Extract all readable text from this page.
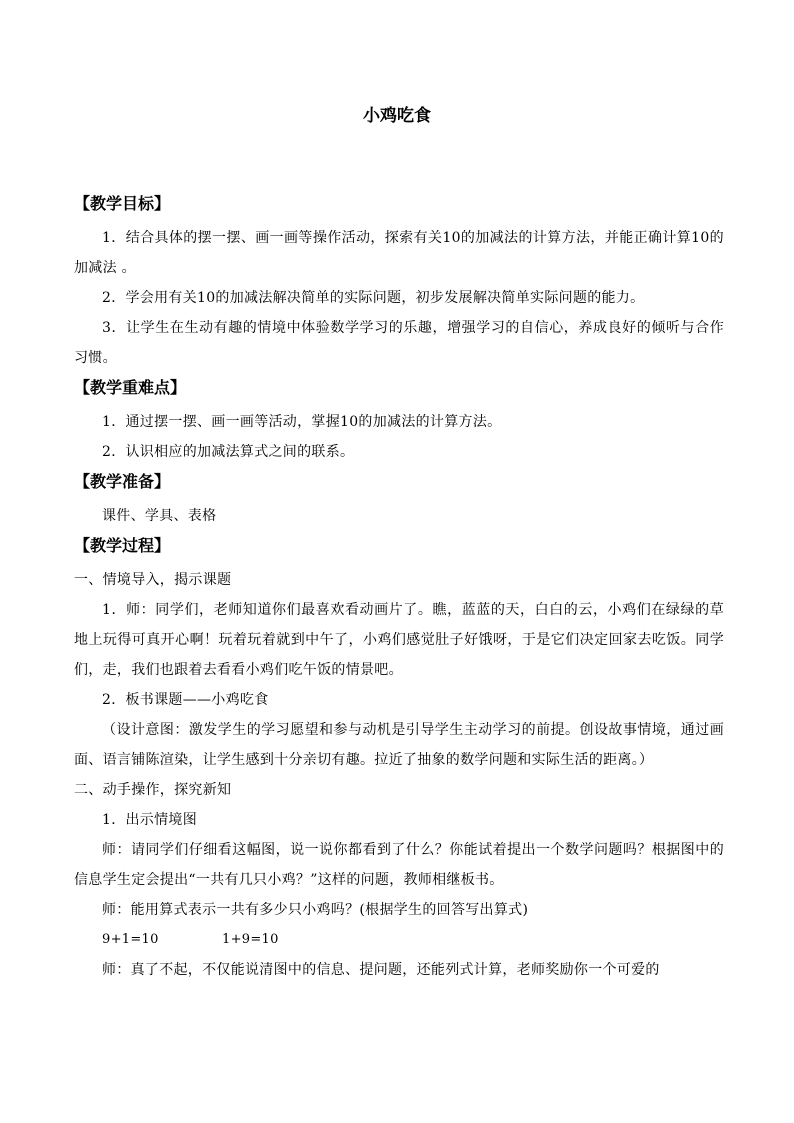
小鸡吃食
【教学目标】

1．结合具体的摆一摆、画一画等操作活动，探索有关10的加减法的计算方法，并能正确计算10的加减法 。

2．学会用有关10的加减法解决简单的实际问题，初步发展解决简单实际问题的能力。

3．让学生在生动有趣的情境中体验数学学习的乐趣，增强学习的自信心，养成良好的倾听与合作习惯。

【教学重难点】

1．通过摆一摆、画一画等活动，掌握10的加减法的计算方法。

2．认识相应的加减法算式之间的联系。

【教学准备】

课件、学具、表格

【教学过程】

一、情境导入，揭示课题

1．师：同学们，老师知道你们最喜欢看动画片了。瞧，蓝蓝的天，白白的云，小鸡们在绿绿的草地上玩得可真开心啊！玩着玩着就到中午了，小鸡们感觉肚子好饿呀，于是它们决定回家去吃饭。同学们，走，我们也跟着去看看小鸡们吃午饭的情景吧。

2．板书课题——小鸡吃食

（设计意图：激发学生的学习愿望和参与动机是引导学生主动学习的前提。创设故事情境，通过画面、语言铺陈渲染，让学生感到十分亲切有趣。拉近了抽象的数学问题和实际生活的距离。）

二、动手操作，探究新知

1．出示情境图

师：请同学们仔细看这幅图，说一说你都看到了什么？你能试着提出一个数学问题吗？根据图中的信息学生定会提出“一共有几只小鸡？”这样的问题，教师相继板书。

师：能用算式表示一共有多少只小鸡吗？(根据学生的回答写出算式)

9+1=10	1+9=10

师：真了不起，不仅能说清图中的信息、提问题，还能列式计算，老师奖励你一个可爱的
